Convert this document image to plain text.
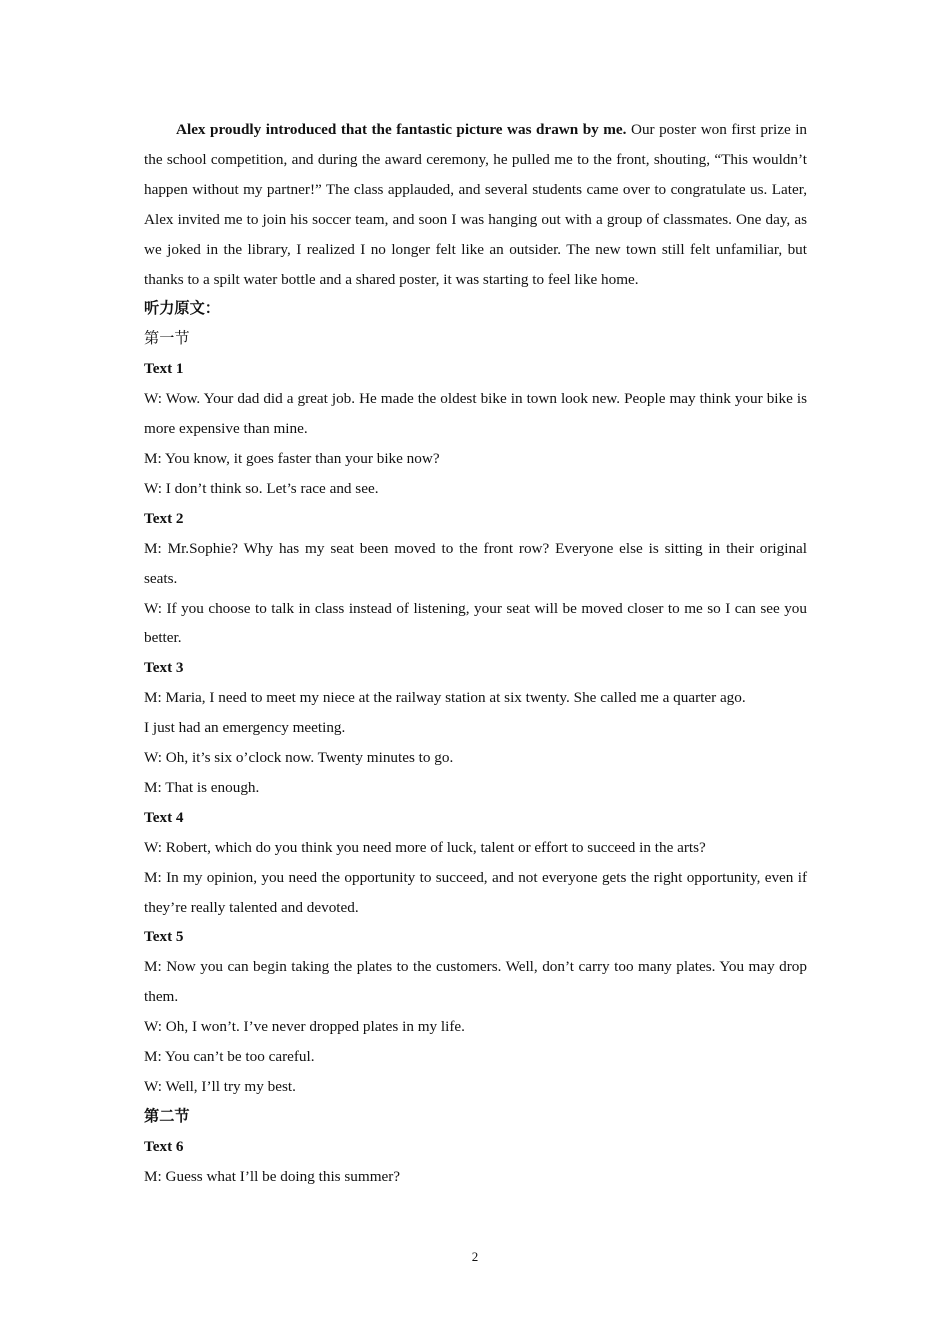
Alex proudly introduced that the fantastic picture was drawn by me. Our poster won first prize in the school competition, and during the award ceremony, he pulled me to the front, shouting, “This wouldn’t happen without my partner!” The class applauded, and several students came over to congratulate us. Later, Alex invited me to join his soccer team, and soon I was hanging out with a group of classmates. One day, as we joked in the library, I realized I no longer felt like an outsider. The new town still felt unfamiliar, but thanks to a spilt water bottle and a shared poster, it was starting to feel like home.

听力原文：

第一节

Text 1

W: Wow. Your dad did a great job. He made the oldest bike in town look new. People may think your bike is more expensive than mine.

M: You know, it goes faster than your bike now?

W: I don’t think so. Let’s race and see.

Text 2

M: Mr.Sophie? Why has my seat been moved to the front row? Everyone else is sitting in their original seats.

W: If you choose to talk in class instead of listening, your seat will be moved closer to me so I can see you better.

Text 3

M: Maria, I need to meet my niece at the railway station at six twenty. She called me a quarter ago.

I just had an emergency meeting.

W: Oh, it’s six o’clock now. Twenty minutes to go.

M: That is enough.

Text 4

W: Robert, which do you think you need more of luck, talent or effort to succeed in the arts?

M: In my opinion, you need the opportunity to succeed, and not everyone gets the right opportunity, even if they’re really talented and devoted.

Text 5

M: Now you can begin taking the plates to the customers. Well, don’t carry too many plates. You may drop them.

W: Oh, I won’t. I’ve never dropped plates in my life.

M: You can’t be too careful.

W: Well, I’ll try my best.

第二节

Text 6

M: Guess what I’ll be doing this summer?

2
